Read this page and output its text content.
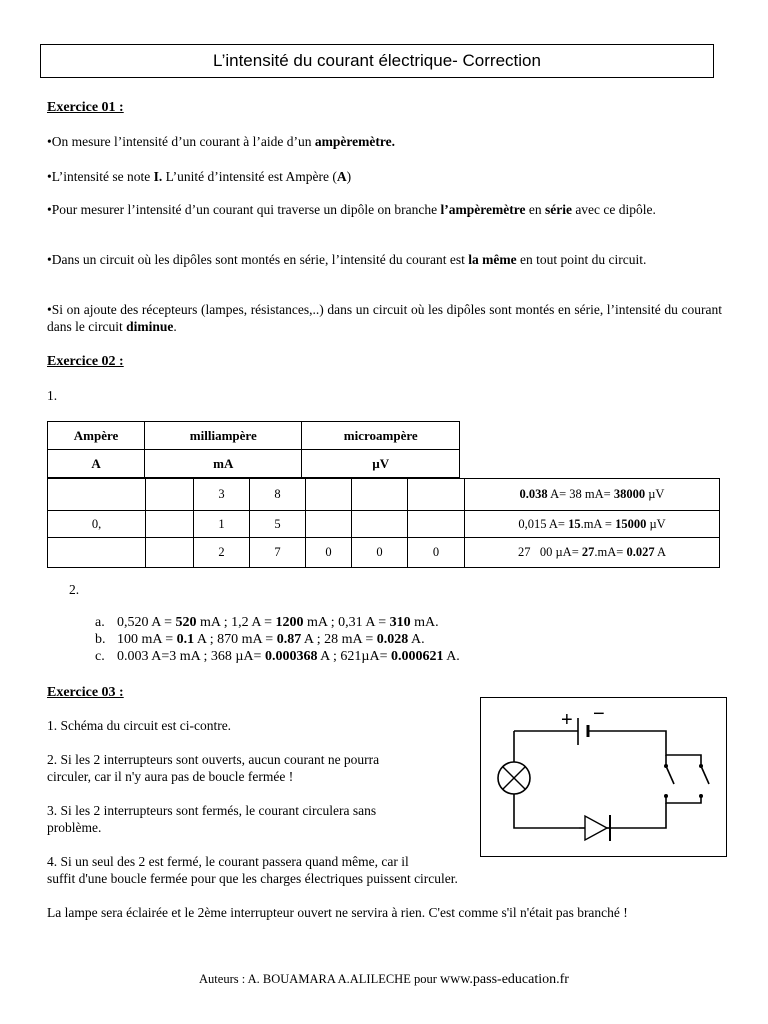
L’intensité du courant électrique- Correction
Exercice 01 :
•On mesure l’intensité d’un courant à l’aide d’un ampèremètre.
•L’intensité se note I. L’unité d’intensité est Ampère (A)
•Pour mesurer l’intensité d’un courant qui traverse un dipôle on branche l’ampèremètre en série avec ce dipôle.
•Dans un circuit où les dipôles sont montés en série, l’intensité du courant est la même en tout point du circuit.
•Si on ajoute des récepteurs (lampes, résistances,..) dans un circuit où les dipôles sont montés en série, l’intensité du courant dans le circuit diminue.
Exercice 02 :
1.
Ampère	milliampère	microampère
A	mA	µV
		3	8				0.038 A= 38 mA= 38000 µV
0,		1	5				0,015 A= 15.mA = 15000 µV
		2	7	0	0	0	27   00 µA= 27.mA= 0.027 A
2.
a. 0,520 A = 520 mA ; 1,2 A = 1200 mA ; 0,31 A = 310 mA.
b. 100 mA = 0.1 A ; 870 mA = 0.87 A ; 28 mA = 0.028 A.
c. 0.003 A=3 mA ; 368 µA= 0.000368 A ; 621µA= 0.000621 A.
Exercice 03 :
1. Schéma du circuit est ci-contre.
2. Si les 2 interrupteurs sont ouverts, aucun courant ne pourra
circuler, car il n'y aura pas de boucle fermée !
3. Si les 2 interrupteurs sont fermés, le courant circulera sans
problème.
4. Si un seul des 2 est fermé, le courant passera quand même, car il
suffit d'une boucle fermée pour que les charges électriques puissent circuler.
La lampe sera éclairée et le 2ème interrupteur ouvert ne servira à rien. C'est comme s'il n'était pas branché !
+ −
Auteurs : A. BOUAMARA A.ALILECHE pour www.pass-education.fr
